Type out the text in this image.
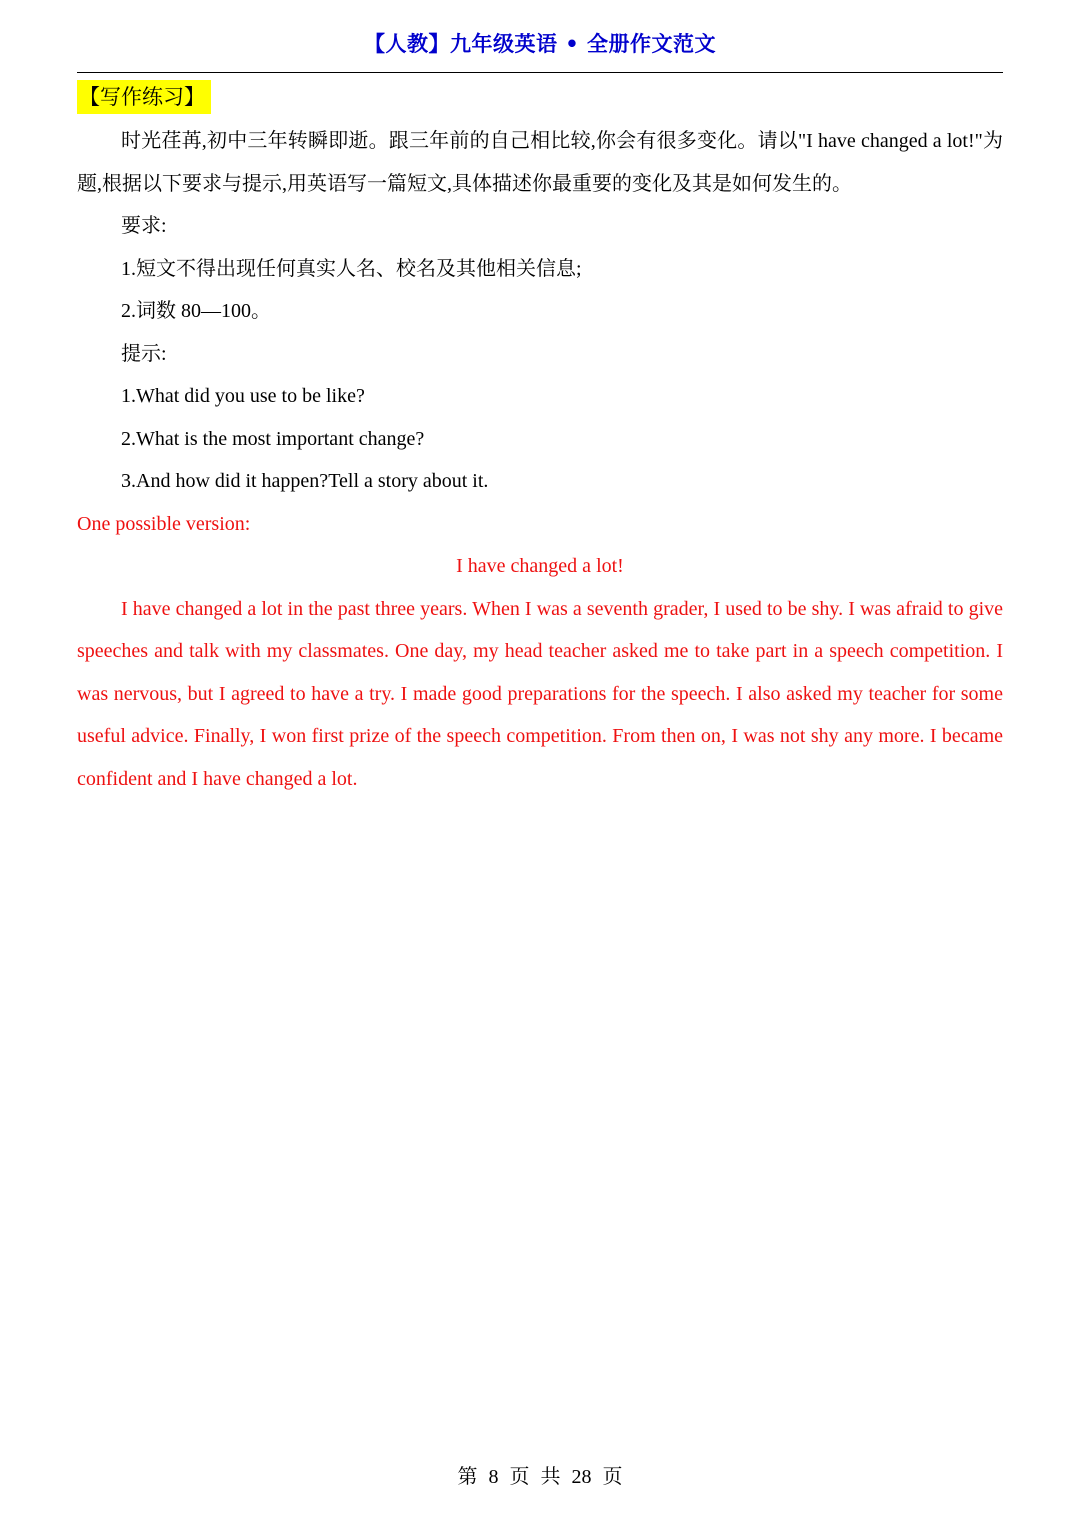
【人教】九年级英语 • 全册作文范文
【写作练习】

时光荏苒,初中三年转瞬即逝。跟三年前的自己相比较,你会有很多变化。请以"I have changed a lot!"为题,根据以下要求与提示,用英语写一篇短文,具体描述你最重要的变化及其是如何发生的。

要求:

1.短文不得出现任何真实人名、校名及其他相关信息;

2.词数 80—100。

提示:

1.What did you use to be like?

2.What is the most important change?

3.And how did it happen?Tell a story about it.

One possible version:

I have changed a lot!

I have changed a lot in the past three years. When I was a seventh grader, I used to be shy. I was afraid to give speeches and talk with my classmates. One day, my head teacher asked me to take part in a speech competition. I was nervous, but I agreed to have a try. I made good preparations for the speech. I also asked my teacher for some useful advice. Finally, I won first prize of the speech competition. From then on, I was not shy any more. I became confident and I have changed a lot.

第 8 页 共 28 页
